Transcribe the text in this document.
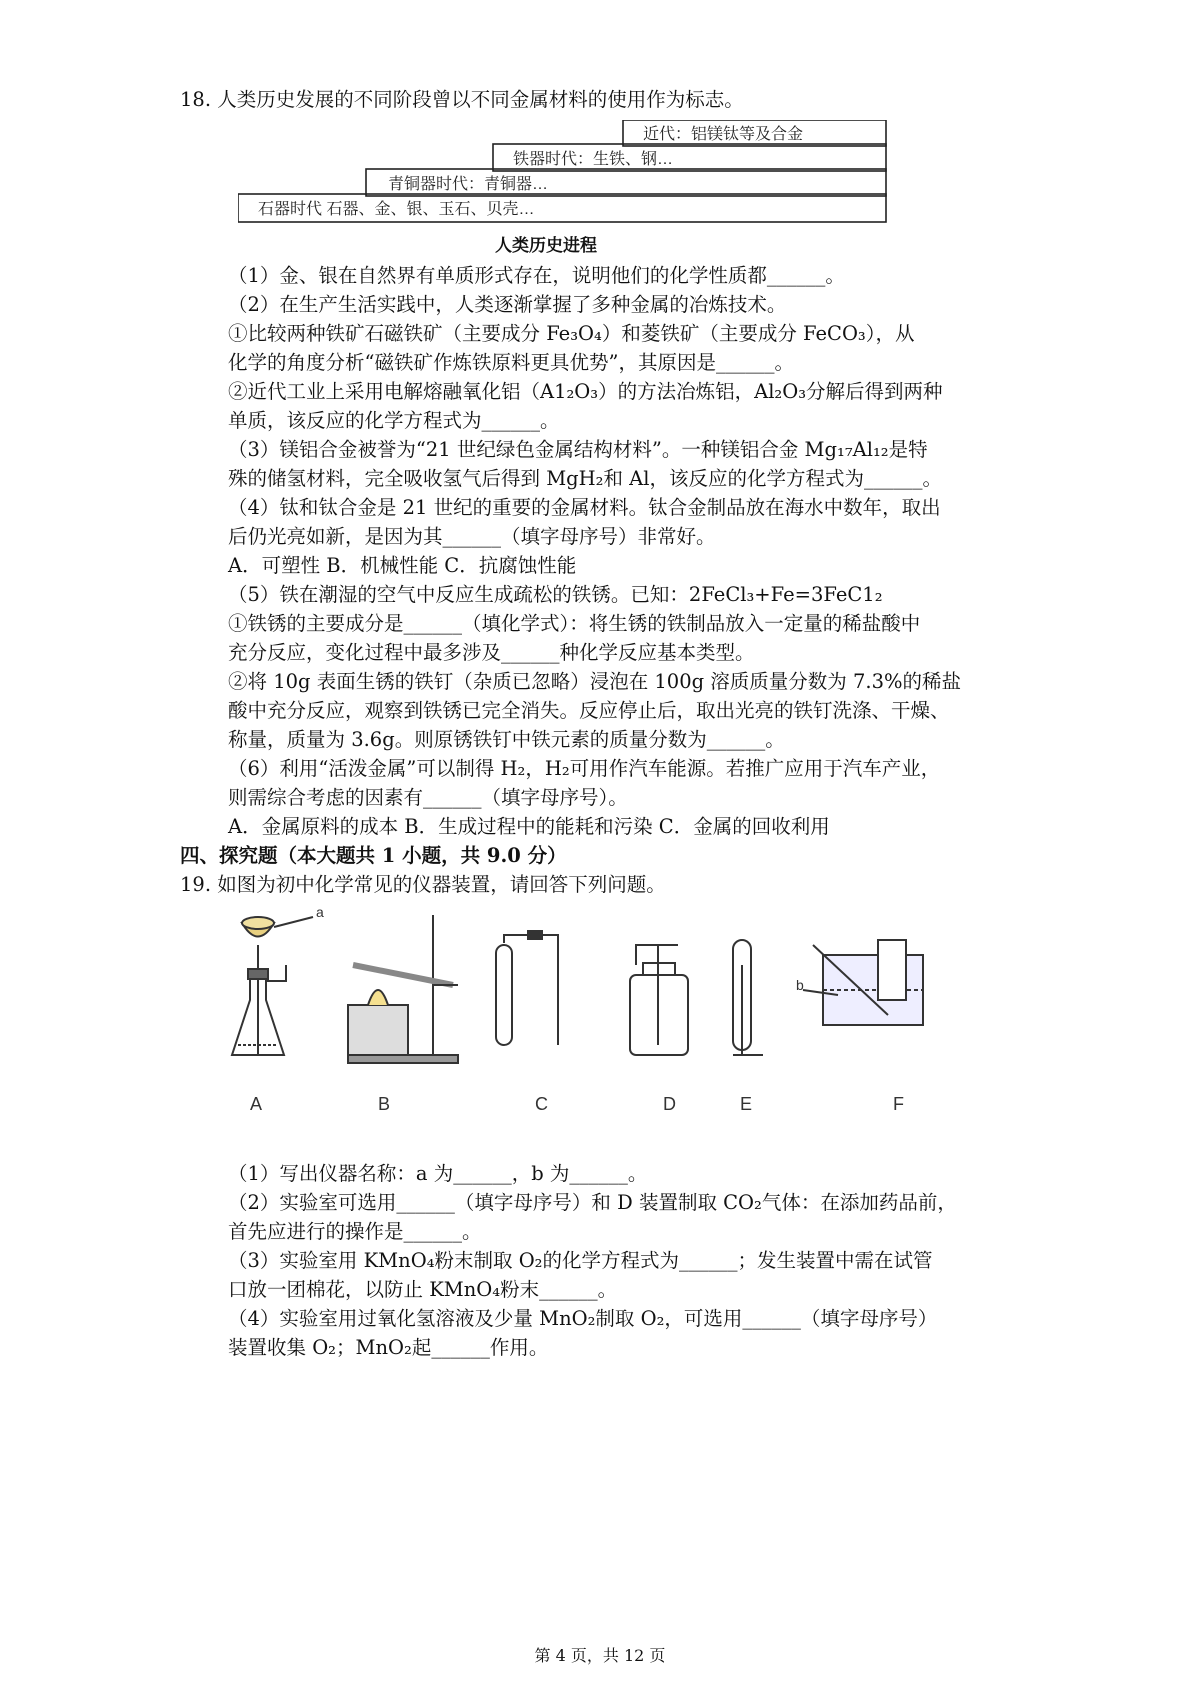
18. 人类历史发展的不同阶段曾以不同金属材料的使用作为标志。
近代：铝镁钛等及合金
铁器时代：生铁、钢…
青铜器时代：青铜器…
石器时代 石器、金、银、玉石、贝壳…
人类历史进程
（1）金、银在自然界有单质形式存在，说明他们的化学性质都______。
（2）在生产生活实践中，人类逐渐掌握了多种金属的冶炼技术。
①比较两种铁矿石磁铁矿（主要成分 Fe₃O₄）和菱铁矿（主要成分 FeCO₃），从
化学的角度分析“磁铁矿作炼铁原料更具优势”，其原因是______。
②近代工业上采用电解熔融氧化铝（A1₂O₃）的方法冶炼铝，Al₂O₃分解后得到两种
单质，该反应的化学方程式为______。
（3）镁铝合金被誉为“21 世纪绿色金属结构材料”。一种镁铝合金 Mg₁₇Al₁₂是特
殊的储氢材料，完全吸收氢气后得到 MgH₂和 Al，该反应的化学方程式为______。
（4）钛和钛合金是 21 世纪的重要的金属材料。钛合金制品放在海水中数年，取出
后仍光亮如新，是因为其______（填字母序号）非常好。
A．可塑性 B．机械性能 C．抗腐蚀性能
（5）铁在潮湿的空气中反应生成疏松的铁锈。已知：2FeCl₃+Fe=3FeC1₂
①铁锈的主要成分是______（填化学式）：将生锈的铁制品放入一定量的稀盐酸中
充分反应，变化过程中最多涉及______种化学反应基本类型。
②将 10g 表面生锈的铁钉（杂质已忽略）浸泡在 100g 溶质质量分数为 7.3%的稀盐
酸中充分反应，观察到铁锈已完全消失。反应停止后，取出光亮的铁钉洗涤、干燥、
称量，质量为 3.6g。则原锈铁钉中铁元素的质量分数为______。
（6）利用“活泼金属”可以制得 H₂，H₂可用作汽车能源。若推广应用于汽车产业，
则需综合考虑的因素有______（填字母序号）。
A．金属原料的成本 B．生成过程中的能耗和污染 C．金属的回收利用
四、探究题（本大题共 1 小题，共 9.0 分）
19. 如图为初中化学常见的仪器装置，请回答下列问题。
a
b
A	B	C	D	E	F
（1）写出仪器名称：a 为______，b 为______。
（2）实验室可选用______（填字母序号）和 D 装置制取 CO₂气体：在添加药品前，
首先应进行的操作是______。
（3）实验室用 KMnO₄粉末制取 O₂的化学方程式为______；发生装置中需在试管
口放一团棉花，以防止 KMnO₄粉末______。
（4）实验室用过氧化氢溶液及少量 MnO₂制取 O₂，可选用______（填字母序号）
装置收集 O₂；MnO₂起______作用。
第 4 页，共 12 页
